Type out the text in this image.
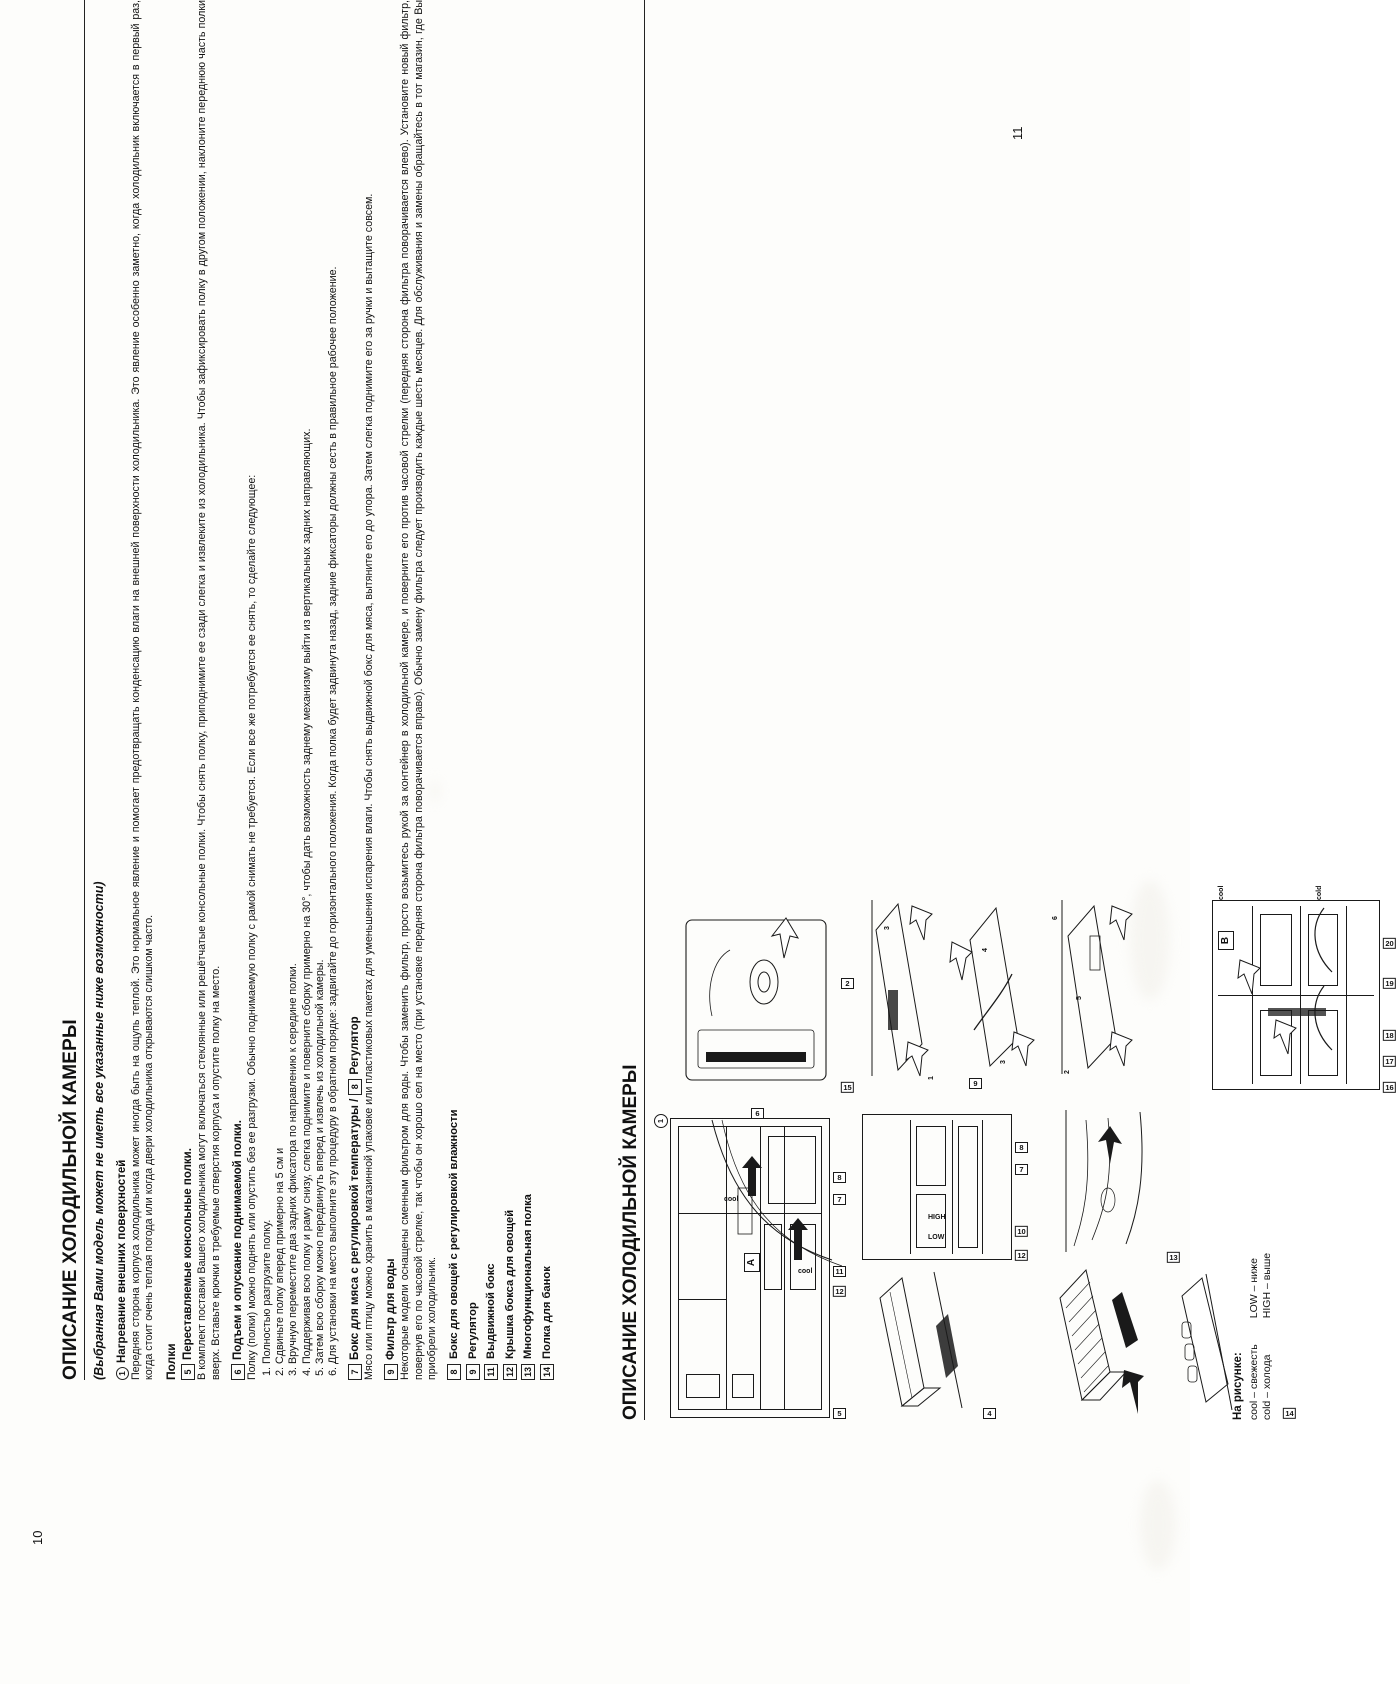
ОПИСАНИЕ ХОЛОДИЛЬНОЙ КАМЕРЫ (Выбранная Вами модель может не иметь все указанные ниже возможности) 1
Нагревание внешних поверхностей Передняя сторона корпуса холодильника может иногда быть на ощупь теплой. Это нормальное явление и помогает предотвращать конденсацию влаги на внешней поверхности холодильника. Это явление особенно заметно, когда холодильник включается в первый раз, когда стоит очень теплая погода или когда двери холодильника открываются слишком часто. Полки 5
Переставляемые консольные полки. В комплект поставки Вашего холодильника могут включаться стеклянные или решётчатые консольные полки. Чтобы снять полку, приподнимите ее сзади слегка и извлеките из холодильника. Чтобы зафиксировать полку в другом положении, наклоните переднюю часть полки вверх. Вставьте крючки в требуемые отверстия корпуса и опустите полку на место. 6
Подъем и опускание поднимаемой полки. Полку (полки) можно поднять или опустить без ее разгрузки. Обычно поднимаемую полку с рамой снимать не требуется. Если все же потребуется ее снять, то сделайте следующее: 1. Полностью разгрузите полку. 2. Сдвиньте полку вперед примерно на 5 см и 3. Вручную переместите два задних фиксатора по направлению к середине полки. 4. Поддерживая всю полку и раму снизу, слегка поднимите и поверните сборку примерно на 30°, чтобы дать возможность заднему механизму выйти из вертикальных задних направляющих. 5. Затем всю сборку можно передвинуть вперед и извлечь из холодильной камеры. 6. Для установки на место выполните эту процедуру в обратном порядке: задвигайте до горизонтального положения. Когда полка будет задвинута назад, задние фиксаторы должны сесть в правильное рабочее положение.
7
Бокс для мяса с регулировкой температуры /
8
Регулятор Мясо или птицу можно хранить в магазинной упаковке или пластиковых пакетах для уменьшения испарения влаги. Чтобы снять выдвижной бокс для мяса, вытяните его до упора. Затем слегка поднимите его за ручки и вытащите совсем. 9
Фильтр для воды Некоторые модели оснащены сменным фильтром для воды. Чтобы заменить фильтр, просто возьмитесь рукой за контейнер в холодильной камере, и поверните его против часовой стрелки (передняя сторона фильтра поворачивается влево). Установите новый фильтр, повернув его по часовой стрелке, так чтобы он хорошо сел на место (при установке передняя сторона фильтра поворачивается вправо). Обычно замену фильтра следует производить каждые шесть месяцев. Для обслуживания и замены обращайтесь в тот магазин, где Вы приобрели холодильник. 8
Бокс для овощей с регулировкой влажности
9
Регулятор
11
Выдвижной бокс
12
Крышка бокса для овощей
13
Многофункциональная полка
14
Полка для банок
10
ОПИСАНИЕ ХОЛОДИЛЬНОЙ КАМЕРЫ	A
1
5
12
11
7
8
4
LOW
HIGH
12
10
7
8
cool
cool
6
13
14
15
2
3
1
3
4
2
5
6
9
B
cool	cold
16
17
18
19
20
На рисунке: cool – свежесть
cold – холода
LOW – ниже
HIGH – выше
11
